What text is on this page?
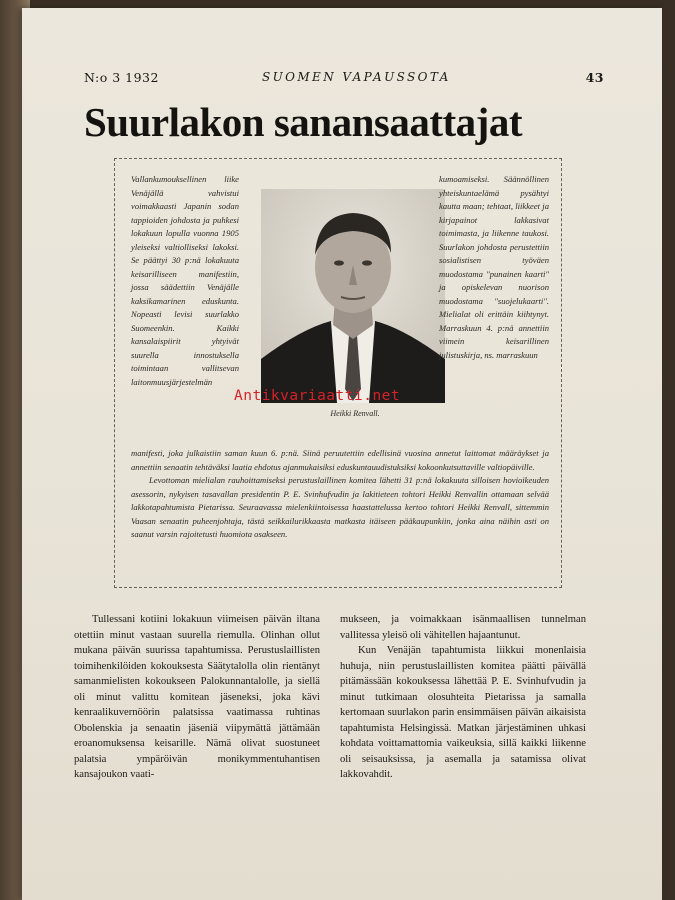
N:o 3 1932	SUOMEN VAPAUSSOTA	43
Suurlakon sanansaattajat
Vallankumouksellinen liike Venäjällä vahvistui voimakkaasti Japanin sodan tappioiden johdosta ja puhkesi lokakuun lopulla vuonna 1905 yleiseksi valtiolliseksi lakoksi. Se päättyi 30 p:nä lokakuuta keisarilliseen manifestiin, jossa säädettiin Venäjälle kaksikamarinen eduskunta. Nopeasti levisi suurlakko Suomeenkin. Kaikki kansalaispiirit yhtyivät suurella innostuksella toimintaan vallitsevan laitonmuusjärjestelmän
Heikki Renvall.
kumoamiseksi. Säännöllinen yhteiskuntaelämä pysähtyi kautta maan; tehtaat, liikkeet ja kirjapainot lakkasivat toimimasta, ja liikenne taukosi. Suurlakon johdosta perustettiin sosialistisen työväen muodostama "punainen kaarti" ja opiskelevan nuorison muodostama "suojelukaarti". Mielialat oli erittäin kiihtynyt. Marraskuun 4. p:nä annettiin viimein keisarillinen julistuskirja, ns. marraskuun

manifesti, joka julkaistiin saman kuun 6. p:nä. Siinä peruutettiin edellisinä vuosina annetut laittomat määräykset ja annettiin senaatin tehtäväksi laatia ehdotus ajanmukaisiksi eduskuntauudistuksiksi kokoonkutsuttaville valtiopäiville.

Levottoman mielialan rauhoittamiseksi perustuslaillinen komitea lähetti 31 p:nä lokakuuta silloisen hovioikeuden asessorin, nykyisen tasavallan presidentin P. E. Svinhufvudin ja lakitieteen tohtori Heikki Renvallin ottamaan selvää lakkotapahtumista Pietarissa. Seuraavassa mielenkiintoisessa haastattelussa kertoo tohtori Heikki Renvall, sittemmin Vaasan senaatin puheenjohtaja, tästä seikkailurikkaasta matkasta itäiseen pääkaupunkiin, jonka aina näihin asti on saanut varsin rajoitetusti huomiota osakseen.

Tullessani kotiini lokakuun viimeisen päivän iltana otettiin minut vastaan suurella riemulla. Olinhan ollut mukana päivän suurissa tapahtumissa. Perustuslaillisten toimihenkilöiden kokouksesta Säätytalolla olin rientänyt samanmielisten kokoukseen Palokunnantalolle, ja siellä oli minut valittu komitean jäseneksi, joka kävi kenraalikuvernöörin palatsissa vaatimassa ruhtinas Obolenskia ja senaatin jäseniä viipymättä jättämään eroanomuksensa keisarille. Nämä olivat suostuneet palatsia ympäröivän monikymmentuhantisen kansajoukon vaati-

mukseen, ja voimakkaan isänmaallisen tunnelman vallitessa yleisö oli vähitellen hajaantunut.

Kun Venäjän tapahtumista liikkui monenlaisia huhuja, niin perustuslaillisten komitea päätti päivällä pitämässään kokouksessa lähettää P. E. Svinhufvudin ja minut tutkimaan olosuhteita Pietarissa ja samalla kertomaan suurlakon parin ensimmäisen päivän aikaisista tapahtumista Helsingissä. Matkan järjestäminen uhkasi kohdata voittamattomia vaikeuksia, sillä kaikki liikenne oli seisauksissa, ja asemalla ja satamissa olivat lakkovahdit.

Antikvariaatti.net
